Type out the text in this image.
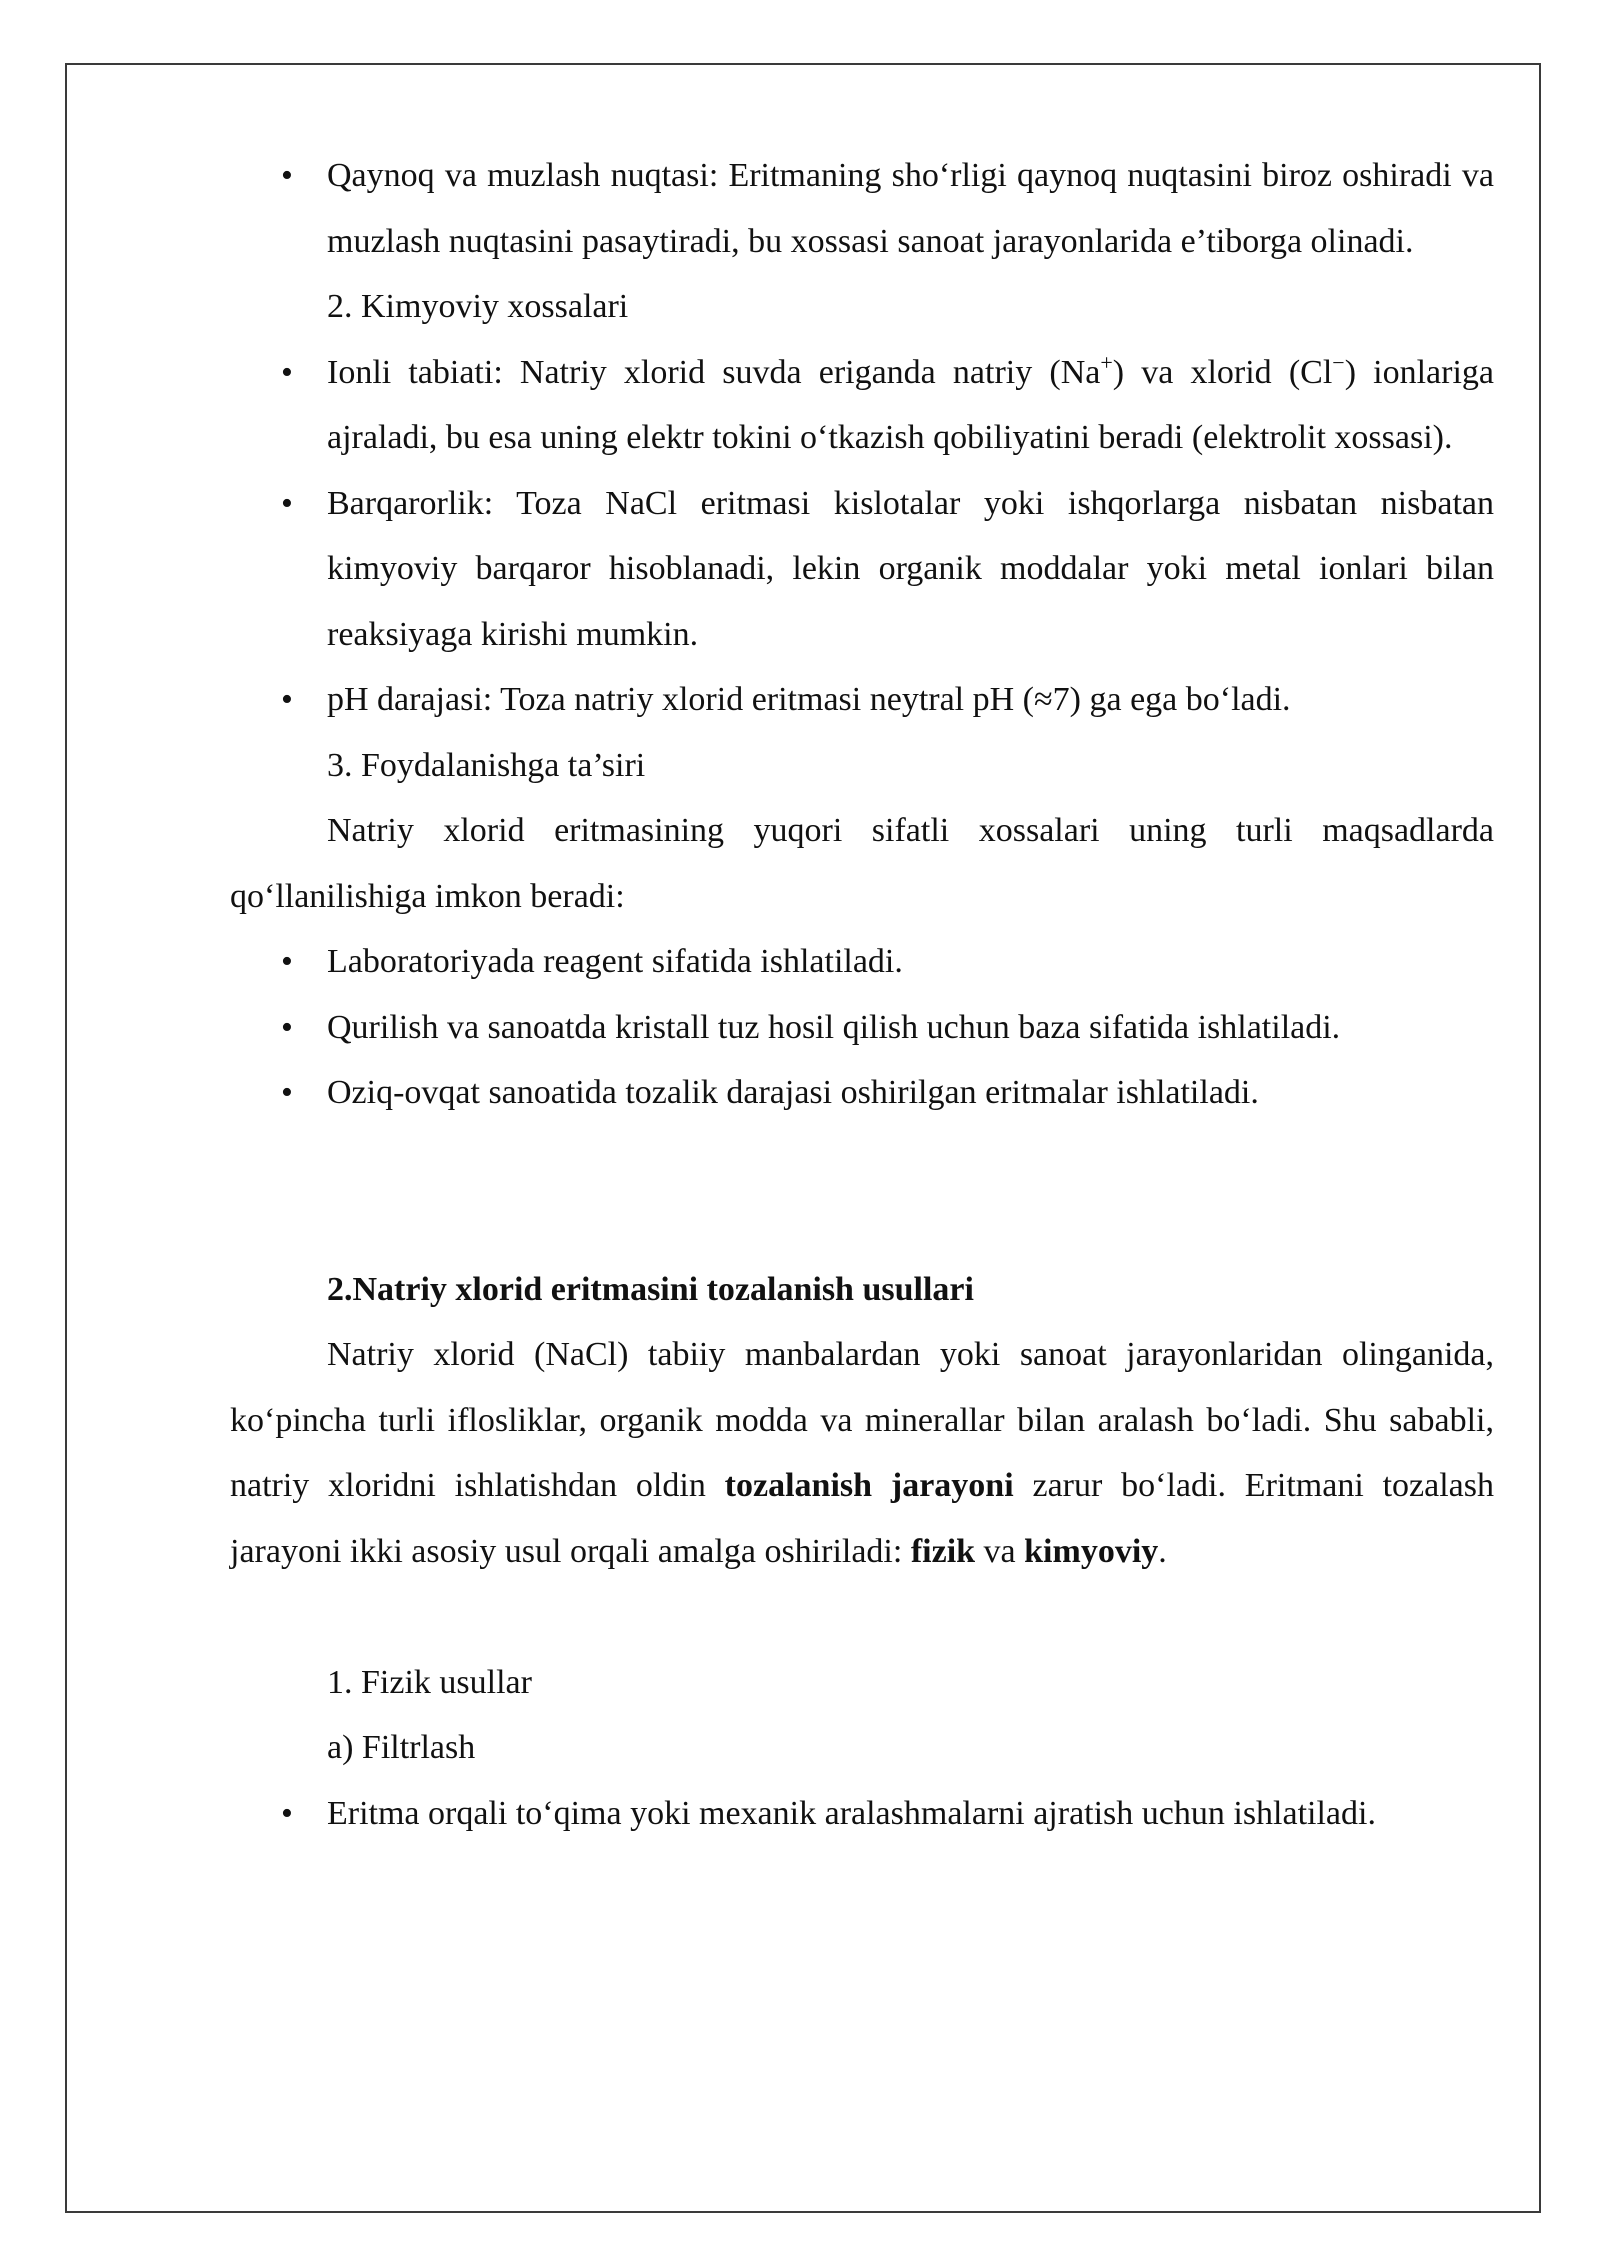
• Qaynoq va muzlash nuqtasi: Eritmaning sho‘rligi qaynoq nuqtasini biroz oshiradi va muzlash nuqtasini pasaytiradi, bu xossasi sanoat jarayonlarida e’tiborga olinadi.

2. Kimyoviy xossalari

• Ionli tabiati: Natriy xlorid suvda eriganda natriy (Na+) va xlorid (Cl−) ionlariga ajraladi, bu esa uning elektr tokini o‘tkazish qobiliyatini beradi (elektrolit xossasi).

• Barqarorlik: Toza NaCl eritmasi kislotalar yoki ishqorlarga nisbatan nisbatan kimyoviy barqaror hisoblanadi, lekin organik moddalar yoki metal ionlari bilan reaksiyaga kirishi mumkin.

• pH darajasi: Toza natriy xlorid eritmasi neytral pH (≈7) ga ega bo‘ladi.

3. Foydalanishga ta’siri

Natriy xlorid eritmasining yuqori sifatli xossalari uning turli maqsadlarda qo‘llanilishiga imkon beradi:

• Laboratoriyada reagent sifatida ishlatiladi.

• Qurilish va sanoatda kristall tuz hosil qilish uchun baza sifatida ishlatiladi.

• Oziq-ovqat sanoatida tozalik darajasi oshirilgan eritmalar ishlatiladi.

2.Natriy xlorid eritmasini tozalanish usullari

Natriy xlorid (NaCl) tabiiy manbalardan yoki sanoat jarayonlaridan olinganida, ko‘pincha turli iflosliklar, organik modda va minerallar bilan aralash bo‘ladi. Shu sababli, natriy xloridni ishlatishdan oldin tozalanish jarayoni zarur bo‘ladi. Eritmani tozalash jarayoni ikki asosiy usul orqali amalga oshiriladi: fizik va kimyoviy.

1. Fizik usullar

a) Filtrlash

• Eritma orqali to‘qima yoki mexanik aralashmalarni ajratish uchun ishlatiladi.
